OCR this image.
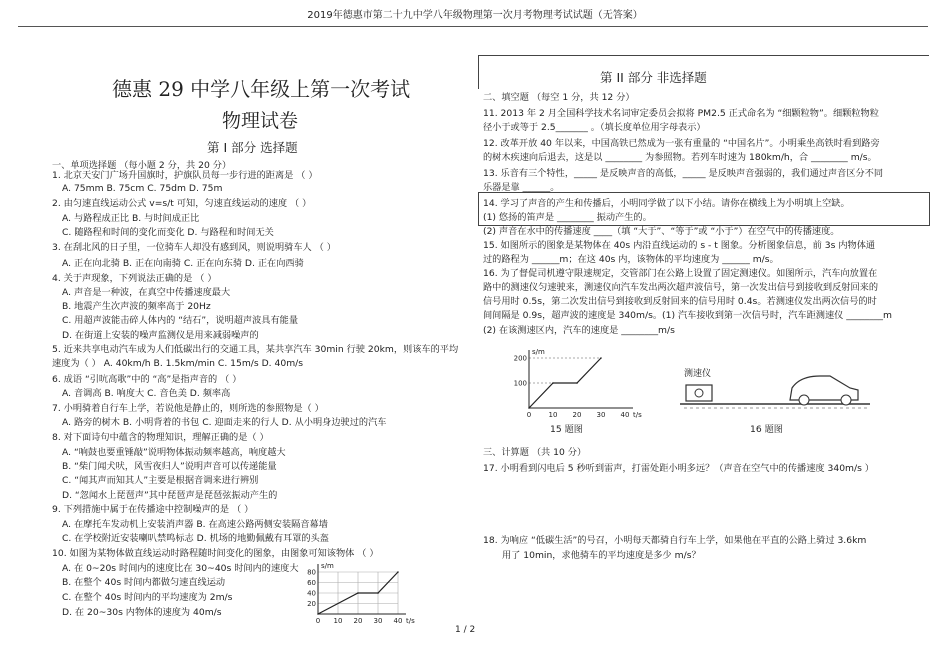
2019年德惠市第二十九中学八年级物理第一次月考物理考试试题（无答案）
德惠 29 中学八年级上第一次考试
物理试卷
第 I 部分 选择题
一、单项选择题 （每小题 2 分，共 20 分）
1. 北京天安门广场升国旗时，护旗队员每一步行进的距离是 （ ）
A. 75mm B. 75cm C. 75dm D. 75m
2. 由匀速直线运动公式 v=s/t 可知，匀速直线运动的速度 （ ）
A. 与路程成正比 B. 与时间成正比
C. 随路程和时间的变化而变化 D. 与路程和时间无关
3. 在刮北风的日子里，一位骑车人却没有感到风，则说明骑车人 （ ）
A. 正在向北骑 B. 正在向南骑 C. 正在向东骑 D. 正在向西骑
4. 关于声现象，下列说法正确的是 （ ）
A. 声音是一种波，在真空中传播速度最大
B. 地震产生次声波的频率高于 20Hz
C. 用超声波能击碎人体内的 “结石”，说明超声波具有能量
D. 在街道上安装的噪声监测仪是用来减弱噪声的
5. 近来共享电动汽车成为人们低碳出行的交通工具，某共享汽车 30min 行驶 20km，则该车的平均
速度为（ ） A. 40km/h B. 1.5km/min C. 15m/s D. 40m/s
6. 成语 “引吭高歌”中的 “高”是指声音的 （ ）
A. 音调高 B. 响度大 C. 音色美 D. 频率高
7. 小明骑着自行车上学，若说他是静止的，则所选的参照物是（ ）
A. 路旁的树木 B. 小明背着的书包 C. 迎面走来的行人 D. 从小明身边驶过的汽车
8. 对下面诗句中蕴含的物理知识，理解正确的是（ ）
A. “响鼓也要重锤敲”说明物体振动频率越高，响度越大
B. “柴门闻犬吠，风雪夜归人”说明声音可以传递能量
C. “闻其声而知其人”主要是根据音调来进行辨别
D. “忽闻水上琵琶声”其中琵琶声是琵琶弦振动产生的
9. 下列措施中属于在传播途中控制噪声的是 （ ）
A. 在摩托车发动机上安装消声器 B. 在高速公路两侧安装隔音幕墙
C. 在学校附近安装喇叭禁鸣标志 D. 机场的地勤佩戴有耳罩的头盔
10. 如图为某物体做直线运动时路程随时间变化的图象，由图象可知该物体 （ ）
A. 在 0~20s 时间内的速度比在 30~40s 时间内的速度大
B. 在整个 40s 时间内都做匀速直线运动
C. 在整个 40s 时间内的平均速度为 2m/s
D. 在 20~30s 内物体的速度为 40m/s
0 10 20 30 40
20
40
60
80
t/s
s/m
第 II 部分 非选择题
二、填空题 （每空 1 分，共 12 分）
11. 2013 年 2 月全国科学技术名词审定委员会拟将 PM2.5 正式命名为 “细颗粒物”。细颗粒物粒
径小于或等于 2.5_______ 。（填长度单位用字母表示）
12. 改革开放 40 年以来，中国高铁已然成为一张有重量的 “中国名片”。小明乘坐高铁时看到路旁
的树木疾速向后退去，这是以 ________ 为参照物。若列车时速为 180km/h，合 ________ m/s。
13. 乐音有三个特性，_____ 是反映声音的高低，_____ 是反映声音强弱的，我们通过声音区分不同
乐器是靠 ______。
14. 学习了声音的产生和传播后，小明同学做了以下小结。请你在横线上为小明填上空缺。
(1) 悠扬的笛声是 ________ 振动产生的。
(2) 声音在水中的传播速度 ____（填 “大于”、“等于”或 “小于”）在空气中的传播速度。
15. 如图所示的图象是某物体在 40s 内沿直线运动的 s - t 图象。分析图象信息，前 3s 内物体通
过的路程为 ______m；在这 40s 内，该物体的平均速度为 ______ m/s。
16. 为了督促司机遵守限速规定，交管部门在公路上设置了固定测速仪。如图所示，汽车向放置在
路中的测速仪匀速驶来，测速仪向汽车发出两次超声波信号，第一次发出信号到接收到反射回来的
信号用时 0.5s，第二次发出信号到接收到反射回来的信号用时 0.4s。若测速仪发出两次信号的时
间间隔是 0.9s，超声波的速度是 340m/s。(1) 汽车接收到第一次信号时，汽车距测速仪 ________m
(2) 在该测速区内，汽车的速度是 ________m/s
0 10 20 30 40
100
200
t/s
s/m
15 题图
测速仪
16 题图
三、计算题 （共 10 分）
17. 小明看到闪电后 5 秒听到雷声，打雷处距小明多远？（声音在空气中的传播速度 340m/s ）
18. 为响应 “低碳生活”的号召，小明每天都骑自行车上学，如果他在平直的公路上骑过 3.6km
用了 10min，求他骑车的平均速度是多少 m/s？
1 / 2
